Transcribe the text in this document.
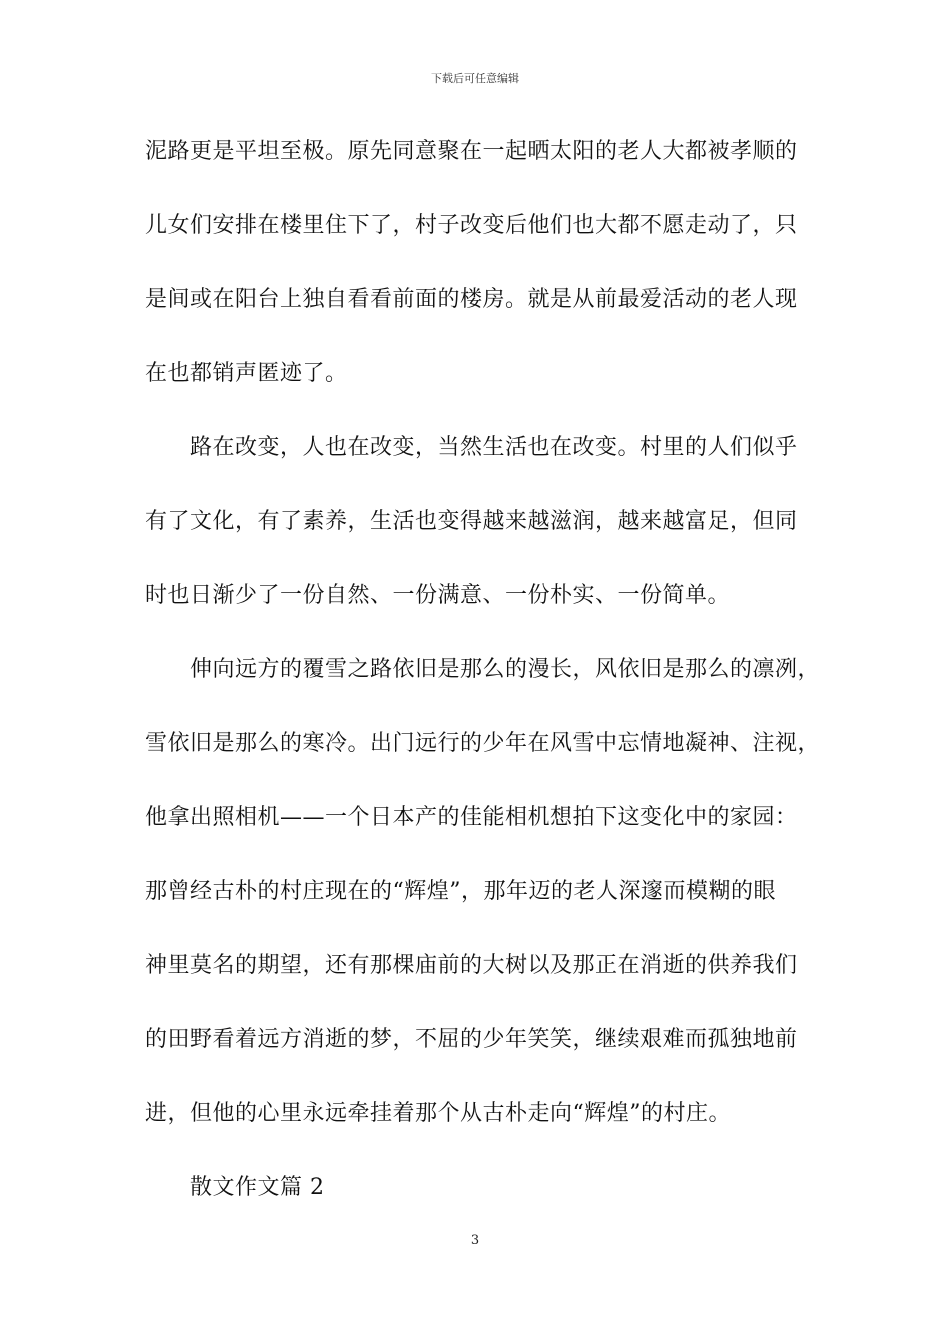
下载后可任意编辑
泥路更是平坦至极。原先同意聚在一起晒太阳的老人大都被孝顺的
儿女们安排在楼里住下了，村子改变后他们也大都不愿走动了，只
是间或在阳台上独自看看前面的楼房。就是从前最爱活动的老人现
在也都销声匿迹了。
路在改变，人也在改变，当然生活也在改变。村里的人们似乎
有了文化，有了素养，生活也变得越来越滋润，越来越富足，但同
时也日渐少了一份自然、一份满意、一份朴实、一份简单。
伸向远方的覆雪之路依旧是那么的漫长，风依旧是那么的凛冽，
雪依旧是那么的寒冷。出门远行的少年在风雪中忘情地凝神、注视，
他拿出照相机——一个日本产的佳能相机想拍下这变化中的家园：
那曾经古朴的村庄现在的“辉煌”，那年迈的老人深邃而模糊的眼
神里莫名的期望，还有那棵庙前的大树以及那正在消逝的供养我们
的田野看着远方消逝的梦，不屈的少年笑笑，继续艰难而孤独地前
进，但他的心里永远牵挂着那个从古朴走向“辉煌”的村庄。
散文作文篇 2
3
